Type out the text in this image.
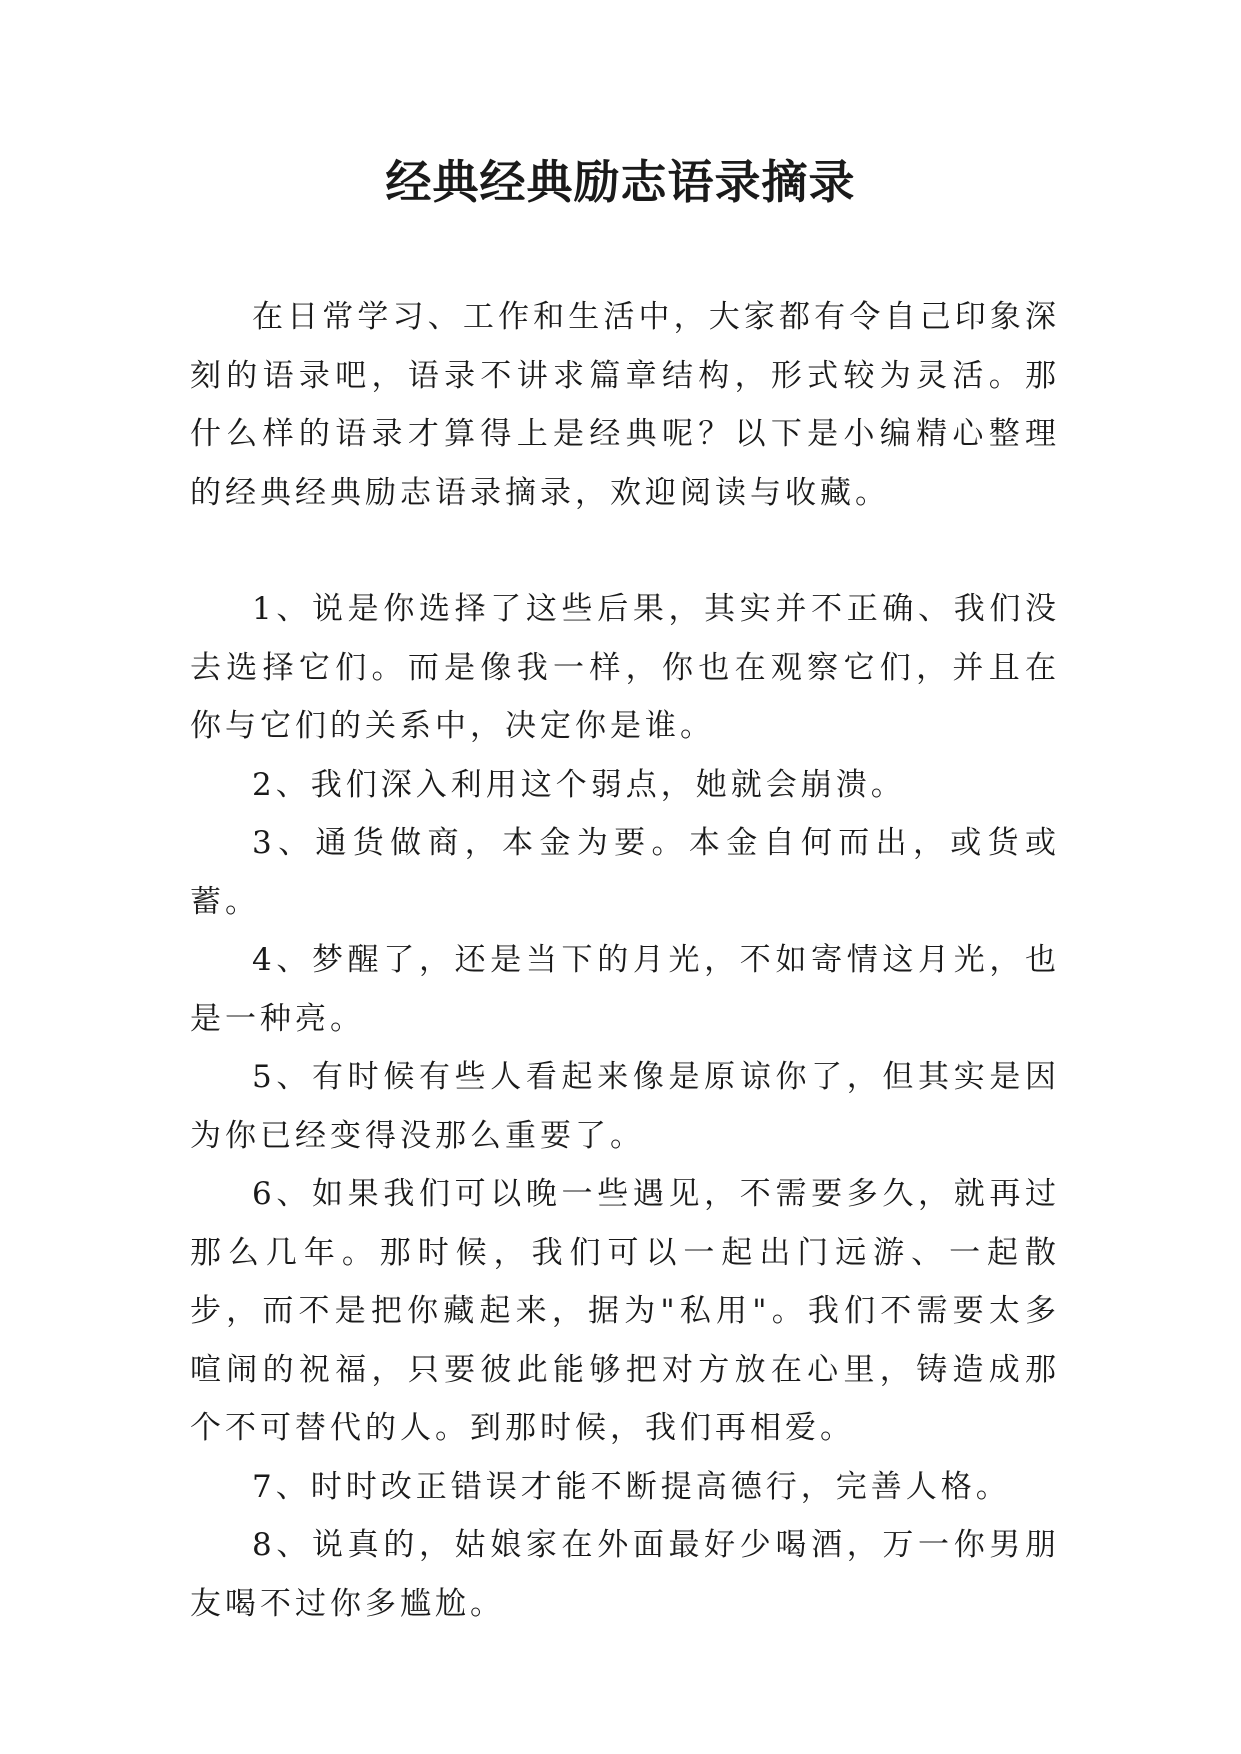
经典经典励志语录摘录

在日常学习、工作和生活中，大家都有令自己印象深刻的语录吧，语录不讲求篇章结构，形式较为灵活。那什么样的语录才算得上是经典呢？以下是小编精心整理的经典经典励志语录摘录，欢迎阅读与收藏。

1、说是你选择了这些后果，其实并不正确、我们没去选择它们。而是像我一样，你也在观察它们，并且在你与它们的关系中，决定你是谁。

2、我们深入利用这个弱点，她就会崩溃。

3、通货做商，本金为要。本金自何而出，或货或蓄。

4、梦醒了，还是当下的月光，不如寄情这月光，也是一种亮。

5、有时候有些人看起来像是原谅你了，但其实是因为你已经变得没那么重要了。

6、如果我们可以晚一些遇见，不需要多久，就再过那么几年。那时候，我们可以一起出门远游、一起散步，而不是把你藏起来，据为"私用"。我们不需要太多喧闹的祝福，只要彼此能够把对方放在心里，铸造成那个不可替代的人。到那时候，我们再相爱。

7、时时改正错误才能不断提高德行，完善人格。

8、说真的，姑娘家在外面最好少喝酒，万一你男朋友喝不过你多尴尬。
